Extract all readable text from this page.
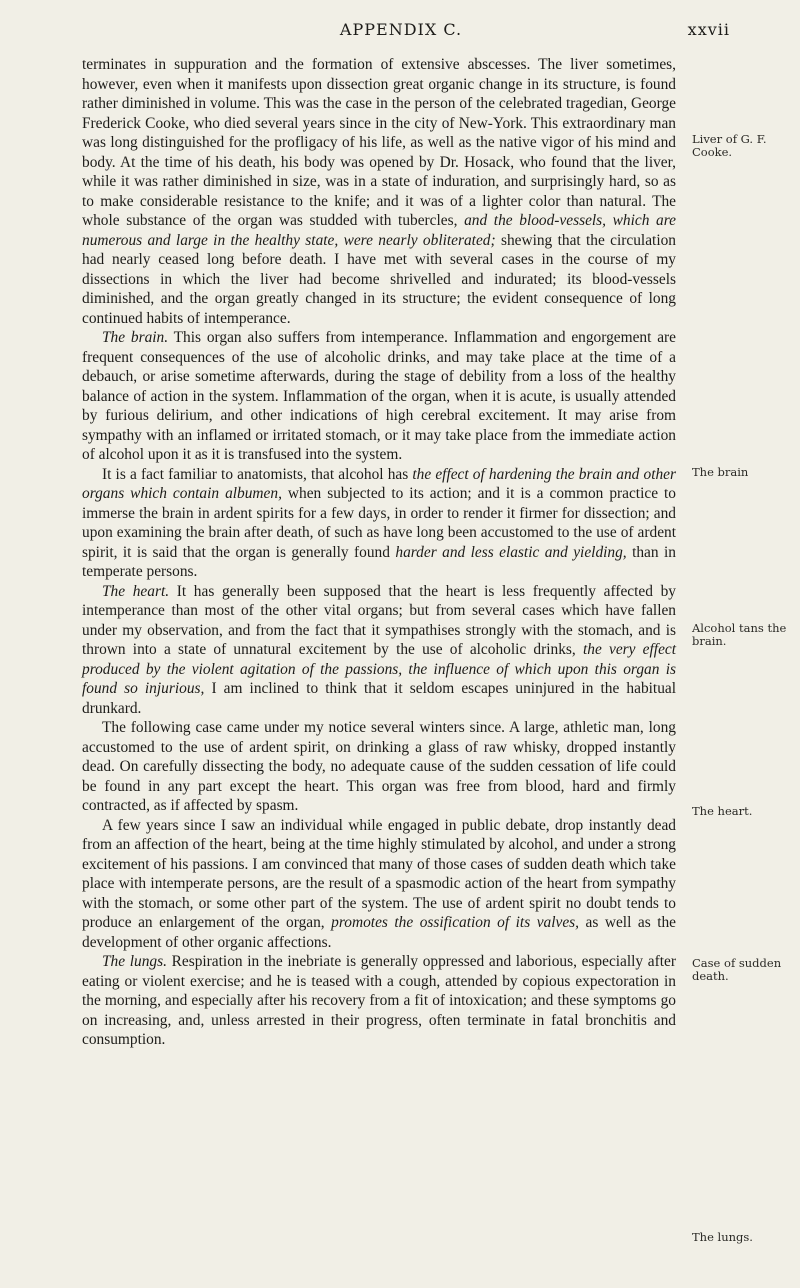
APPENDIX C.	xxvii

terminates in suppuration and the formation of extensive abscesses. The liver sometimes, however, even when it manifests upon dissection great organic change in its structure, is found rather diminished in volume. This was the case in the person of the celebrated tragedian, George Frederick Cooke, who died several years since in the city of New-York. This extraordinary man was long distinguished for the profligacy of his life, as well as the native vigor of his mind and body. At the time of his death, his body was opened by Dr. Hosack, who found that the liver, while it was rather diminished in size, was in a state of induration, and surprisingly hard, so as to make considerable resistance to the knife; and it was of a lighter color than natural. The whole substance of the organ was studded with tubercles, and the blood-vessels, which are numerous and large in the healthy state, were nearly obliterated; shewing that the circulation had nearly ceased long before death. I have met with several cases in the course of my dissections in which the liver had become shrivelled and indurated; its blood-vessels diminished, and the organ greatly changed in its structure; the evident consequence of long continued habits of intemperance.

The brain. This organ also suffers from intemperance. Inflammation and engorgement are frequent consequences of the use of alcoholic drinks, and may take place at the time of a debauch, or arise sometime afterwards, during the stage of debility from a loss of the healthy balance of action in the system. Inflammation of the organ, when it is acute, is usually attended by furious delirium, and other indications of high cerebral excitement. It may arise from sympathy with an inflamed or irritated stomach, or it may take place from the immediate action of alcohol upon it as it is transfused into the system.

It is a fact familiar to anatomists, that alcohol has the effect of hardening the brain and other organs which contain albumen, when subjected to its action; and it is a common practice to immerse the brain in ardent spirits for a few days, in order to render it firmer for dissection; and upon examining the brain after death, of such as have long been accustomed to the use of ardent spirit, it is said that the organ is generally found harder and less elastic and yielding, than in temperate persons.

The heart. It has generally been supposed that the heart is less frequently affected by intemperance than most of the other vital organs; but from several cases which have fallen under my observation, and from the fact that it sympathises strongly with the stomach, and is thrown into a state of unnatural excitement by the use of alcoholic drinks, the very effect produced by the violent agitation of the passions, the influence of which upon this organ is found so injurious, I am inclined to think that it seldom escapes uninjured in the habitual drunkard.

The following case came under my notice several winters since. A large, athletic man, long accustomed to the use of ardent spirit, on drinking a glass of raw whisky, dropped instantly dead. On carefully dissecting the body, no adequate cause of the sudden cessation of life could be found in any part except the heart. This organ was free from blood, hard and firmly contracted, as if affected by spasm.

A few years since I saw an individual while engaged in public debate, drop instantly dead from an affection of the heart, being at the time highly stimulated by alcohol, and under a strong excitement of his passions. I am convinced that many of those cases of sudden death which take place with intemperate persons, are the result of a spasmodic action of the heart from sympathy with the stomach, or some other part of the system. The use of ardent spirit no doubt tends to produce an enlargement of the organ, promotes the ossification of its valves, as well as the development of other organic affections.

The lungs. Respiration in the inebriate is generally oppressed and laborious, especially after eating or violent exercise; and he is teased with a cough, attended by copious expectoration in the morning, and especially after his recovery from a fit of intoxication; and these symptoms go on increasing, and, unless arrested in their progress, often terminate in fatal bronchitis and consumption.

Liver of G. F. Cooke.
The brain
Alcohol tans the brain.
The heart.
Case of sudden death.
The lungs.
